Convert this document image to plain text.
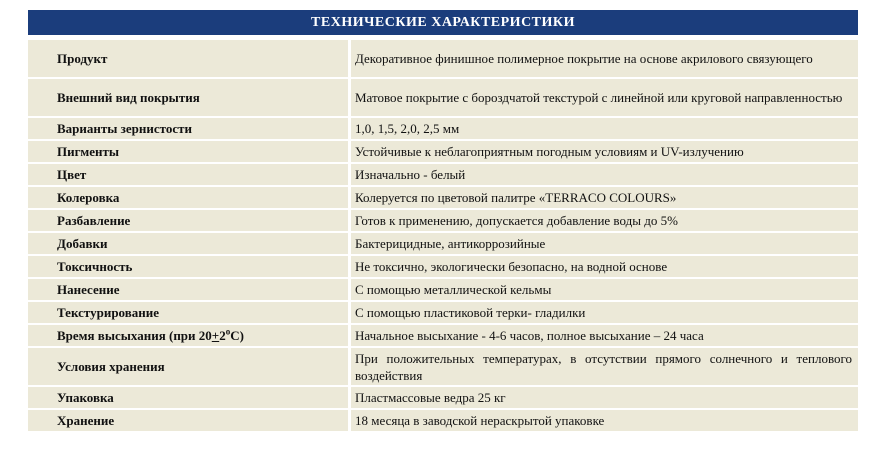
ТЕХНИЧЕСКИЕ ХАРАКТЕРИСТИКИ
Продукт	Декоративное финишное полимерное покрытие на основе акрилового связующего
Внешний вид покрытия	Матовое покрытие с бороздчатой текстурой с линейной или круговой направленностью
Варианты зернистости	1,0, 1,5, 2,0, 2,5 мм
Пигменты	Устойчивые к неблагоприятным погодным условиям и UV-излучению
Цвет	Изначально - белый
Колеровка	Колеруется по цветовой палитре «TERRACO COLOURS»
Разбавление	Готов к применению, допускается добавление воды до 5%
Добавки	Бактерицидные, антикоррозийные
Токсичность	Не токсично, экологически безопасно, на водной основе
Нанесение	С помощью металлической кельмы
Текстурирование	С помощью пластиковой терки- гладилки
Время высыхания (при $20+2^оC$)	Начальное высыхание - 4-6 часов, полное высыхание – 24 часа
Условия хранения	При положительных температурах, в отсутствии прямого солнечного и теплового воздействия
Упаковка	Пластмассовые ведра 25 кг
Хранение	18 месяца в заводской нераскрытой упаковке
